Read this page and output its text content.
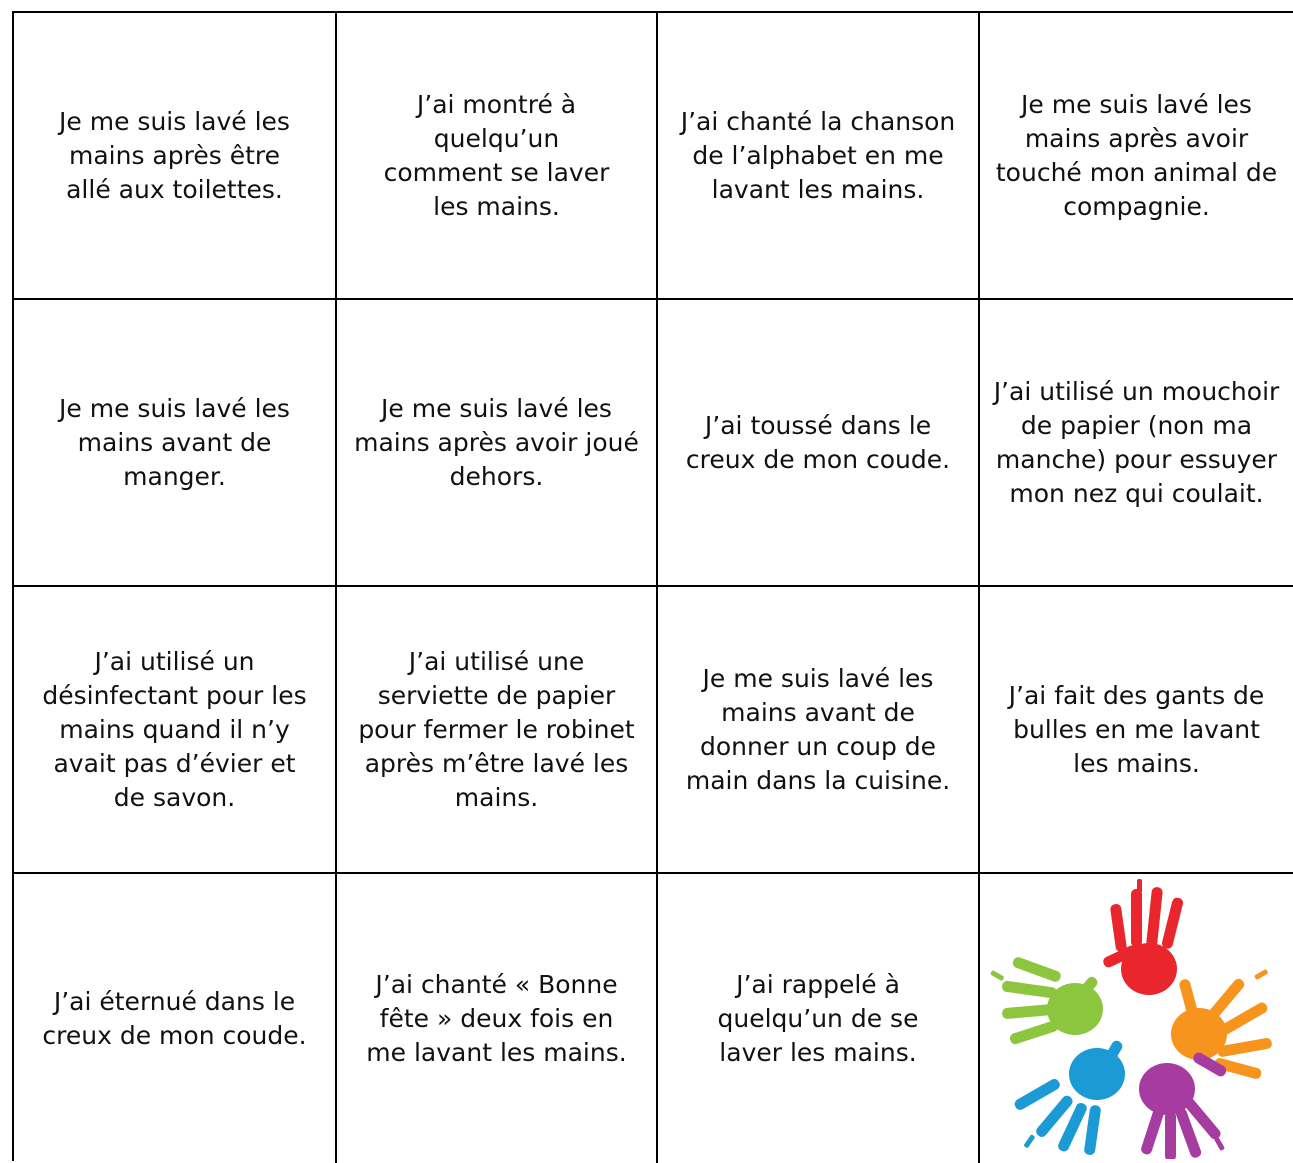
Je me suis lavé les mains après être allé aux toilettes.
J’ai montré à quelqu’un comment se laver les mains.
J’ai chanté la chanson de l’alphabet en me lavant les mains.
Je me suis lavé les mains après avoir touché mon animal de compagnie.
Je me suis lavé les mains avant de manger.
Je me suis lavé les mains après avoir joué dehors.
J’ai toussé dans le creux de mon coude.
J’ai utilisé un mouchoir de papier (non ma manche) pour essuyer mon nez qui coulait.
J’ai utilisé un désinfectant pour les mains quand il n’y avait pas d’évier et de savon.
J’ai utilisé une serviette de papier pour fermer le robinet après m’être lavé les mains.
Je me suis lavé les mains avant de donner un coup de main dans la cuisine.
J’ai fait des gants de bulles en me lavant les mains.
J’ai éternué dans le creux de mon coude.
J’ai chanté « Bonne fête » deux fois en me lavant les mains.
J’ai rappelé à quelqu’un de se laver les mains.
